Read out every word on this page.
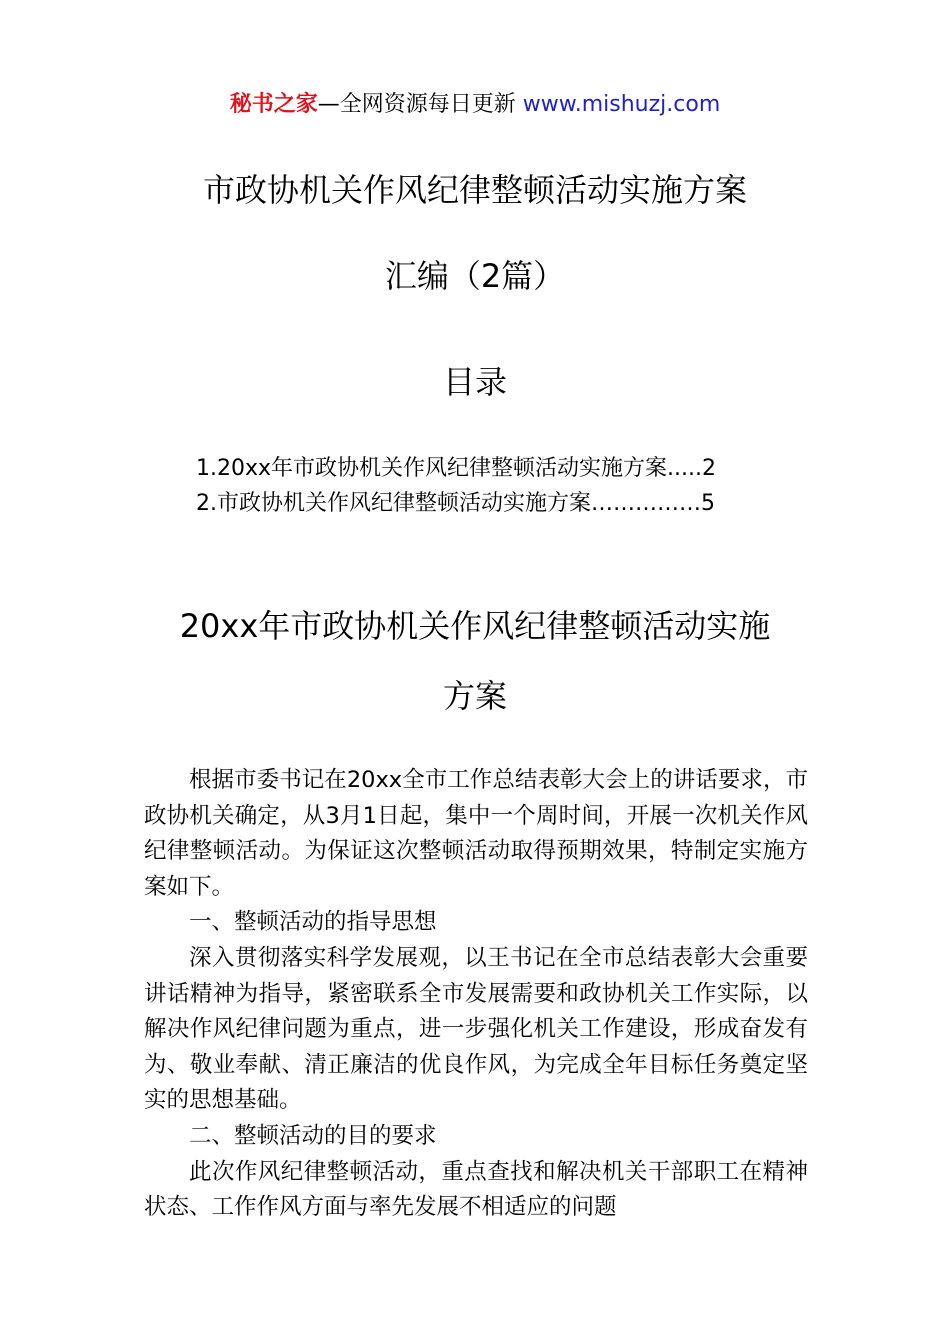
秘书之家—全网资源每日更新 www.mishuzj.com
市政协机关作风纪律整顿活动实施方案
汇编（2篇）
目录
1.20xx年市政协机关作风纪律整顿活动实施方案.....2
2.市政协机关作风纪律整顿活动实施方案……………5
20xx年市政协机关作风纪律整顿活动实施
方案

根据市委书记在20xx全市工作总结表彰大会上的讲话要求，市政协机关确定，从3月1日起，集中一个周时间，开展一次机关作风纪律整顿活动。为保证这次整顿活动取得预期效果，特制定实施方案如下。

一、整顿活动的指导思想

深入贯彻落实科学发展观，以王书记在全市总结表彰大会重要讲话精神为指导，紧密联系全市发展需要和政协机关工作实际，以解决作风纪律问题为重点，进一步强化机关工作建设，形成奋发有为、敬业奉献、清正廉洁的优良作风，为完成全年目标任务奠定坚实的思想基础。

二、整顿活动的目的要求

此次作风纪律整顿活动，重点查找和解决机关干部职工在精神状态、工作作风方面与率先发展不相适应的问题
